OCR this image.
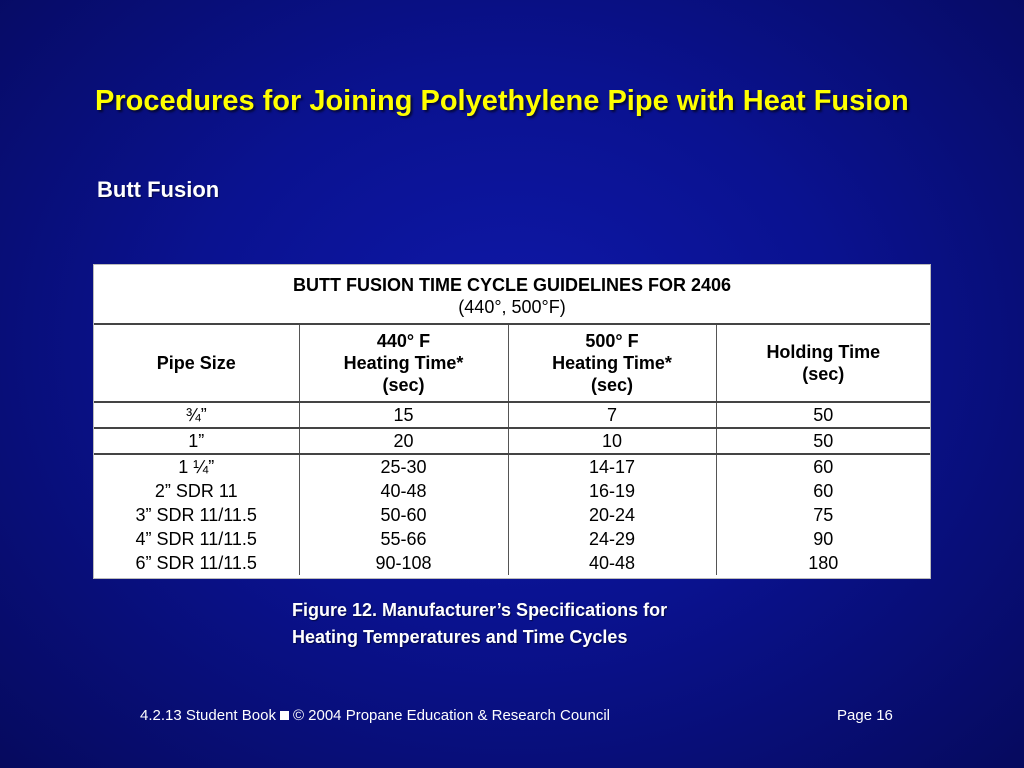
Procedures for Joining Polyethylene Pipe with Heat Fusion
Butt Fusion
BUTT FUSION TIME CYCLE GUIDELINES FOR 2406
(440°, 500°F)			

Pipe Size	440° F
Heating Time*
(sec)	500° F
Heating Time*
(sec)	Holding Time
(sec)

¾”	15	7	50
1”	20	10	50
1 ¼”	25-30	14-17	60
2” SDR 11	40-48	16-19	60
3” SDR 11/11.5	50-60	20-24	75
4” SDR 11/11.5	55-66	24-29	90
6” SDR 11/11.5	90-108	40-48	180
Figure 12. Manufacturer’s Specifications for
Heating Temperatures and Time Cycles
4.2.13 Student Book © 2004 Propane Education & Research Council	Page 16
